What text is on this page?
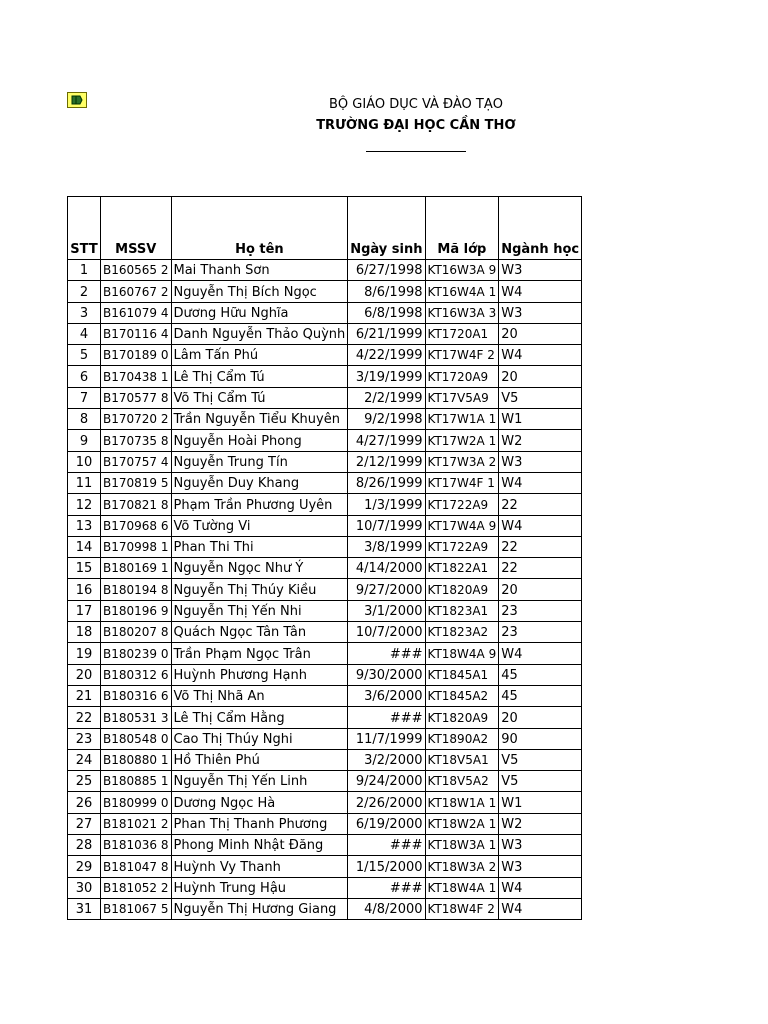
BỘ GIÁO DỤC VÀ ĐÀO TẠO
TRƯỜNG ĐẠI HỌC CẦN THƠ
STT	MSSV	Họ tên	Ngày sinh	Mã lớp	Ngành học
1	B160565 2	Mai Thanh Sơn	6/27/1998	KT16W3A 9	W3
2	B160767 2	Nguyễn Thị Bích Ngọc	8/6/1998	KT16W4A 1	W4
3	B161079 4	Dương Hữu Nghĩa	6/8/1998	KT16W3A 3	W3
4	B170116 4	Danh Nguyễn Thảo Quỳnh	6/21/1999	KT1720A1	20
5	B170189 0	Lâm Tấn Phú	4/22/1999	KT17W4F 2	W4
6	B170438 1	Lê Thị Cẩm Tú	3/19/1999	KT1720A9	20
7	B170577 8	Võ Thị Cẩm Tú	2/2/1999	KT17V5A9	V5
8	B170720 2	Trần Nguyễn Tiểu Khuyên	9/2/1998	KT17W1A 1	W1
9	B170735 8	Nguyễn Hoài Phong	4/27/1999	KT17W2A 1	W2
10	B170757 4	Nguyễn Trung Tín	2/12/1999	KT17W3A 2	W3
11	B170819 5	Nguyễn Duy Khang	8/26/1999	KT17W4F 1	W4
12	B170821 8	Phạm Trần Phương Uyên	1/3/1999	KT1722A9	22
13	B170968 6	Võ Tường Vi	10/7/1999	KT17W4A 9	W4
14	B170998 1	Phan Thi Thi	3/8/1999	KT1722A9	22
15	B180169 1	Nguyễn Ngọc Như Ý	4/14/2000	KT1822A1	22
16	B180194 8	Nguyễn Thị Thúy Kiều	9/27/2000	KT1820A9	20
17	B180196 9	Nguyễn Thị Yến Nhi	3/1/2000	KT1823A1	23
18	B180207 8	Quách Ngọc Tân Tân	10/7/2000	KT1823A2	23
19	B180239 0	Trần Phạm Ngọc Trân	###	KT18W4A 9	W4
20	B180312 6	Huỳnh Phương Hạnh	9/30/2000	KT1845A1	45
21	B180316 6	Võ Thị Nhã An	3/6/2000	KT1845A2	45
22	B180531 3	Lê Thị Cẩm Hằng	###	KT1820A9	20
23	B180548 0	Cao Thị Thúy Nghi	11/7/1999	KT1890A2	90
24	B180880 1	Hồ Thiên Phú	3/2/2000	KT18V5A1	V5
25	B180885 1	Nguyễn Thị Yến Linh	9/24/2000	KT18V5A2	V5
26	B180999 0	Dương Ngọc Hà	2/26/2000	KT18W1A 1	W1
27	B181021 2	Phan Thị Thanh Phương	6/19/2000	KT18W2A 1	W2
28	B181036 8	Phong Minh Nhật Đăng	###	KT18W3A 1	W3
29	B181047 8	Huỳnh Vy Thanh	1/15/2000	KT18W3A 2	W3
30	B181052 2	Huỳnh Trung Hậu	###	KT18W4A 1	W4
31	B181067 5	Nguyễn Thị Hương Giang	4/8/2000	KT18W4F 2	W4
